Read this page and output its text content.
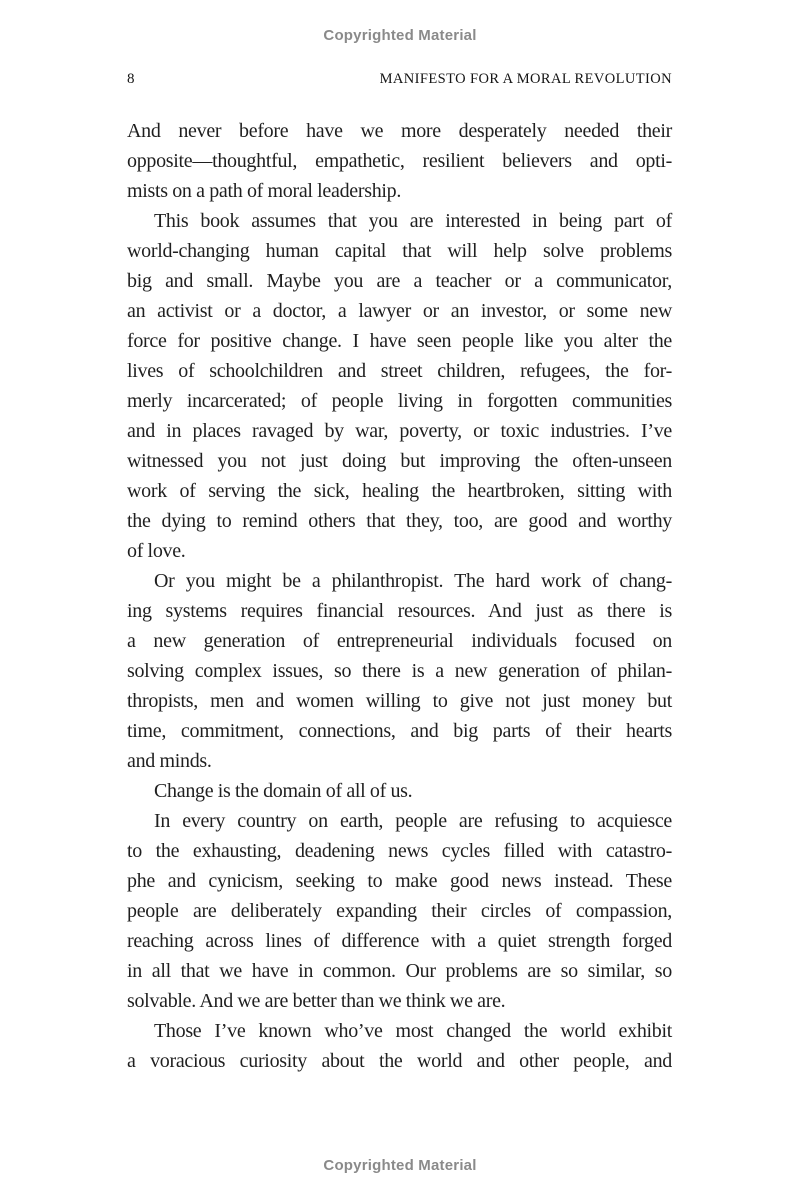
Copyrighted Material
8	MANIFESTO FOR A MORAL REVOLUTION
And never before have we more desperately needed their
opposite—thoughtful, empathetic, resilient believers and opti-
mists on a path of moral leadership.
This book assumes that you are interested in being part of
world-changing human capital that will help solve problems
big and small. Maybe you are a teacher or a communicator,
an activist or a doctor, a lawyer or an investor, or some new
force for positive change. I have seen people like you alter the
lives of schoolchildren and street children, refugees, the for-
merly incarcerated; of people living in forgotten communities
and in places ravaged by war, poverty, or toxic industries. I’ve
witnessed you not just doing but improving the often-unseen
work of serving the sick, healing the heartbroken, sitting with
the dying to remind others that they, too, are good and worthy
of love.
Or you might be a philanthropist. The hard work of chang-
ing systems requires financial resources. And just as there is
a new generation of entrepreneurial individuals focused on
solving complex issues, so there is a new generation of philan-
thropists, men and women willing to give not just money but
time, commitment, connections, and big parts of their hearts
and minds.
Change is the domain of all of us.
In every country on earth, people are refusing to acquiesce
to the exhausting, deadening news cycles filled with catastro-
phe and cynicism, seeking to make good news instead. These
people are deliberately expanding their circles of compassion,
reaching across lines of difference with a quiet strength forged
in all that we have in common. Our problems are so similar, so
solvable. And we are better than we think we are.
Those I’ve known who’ve most changed the world exhibit
a voracious curiosity about the world and other people, and
Copyrighted Material
